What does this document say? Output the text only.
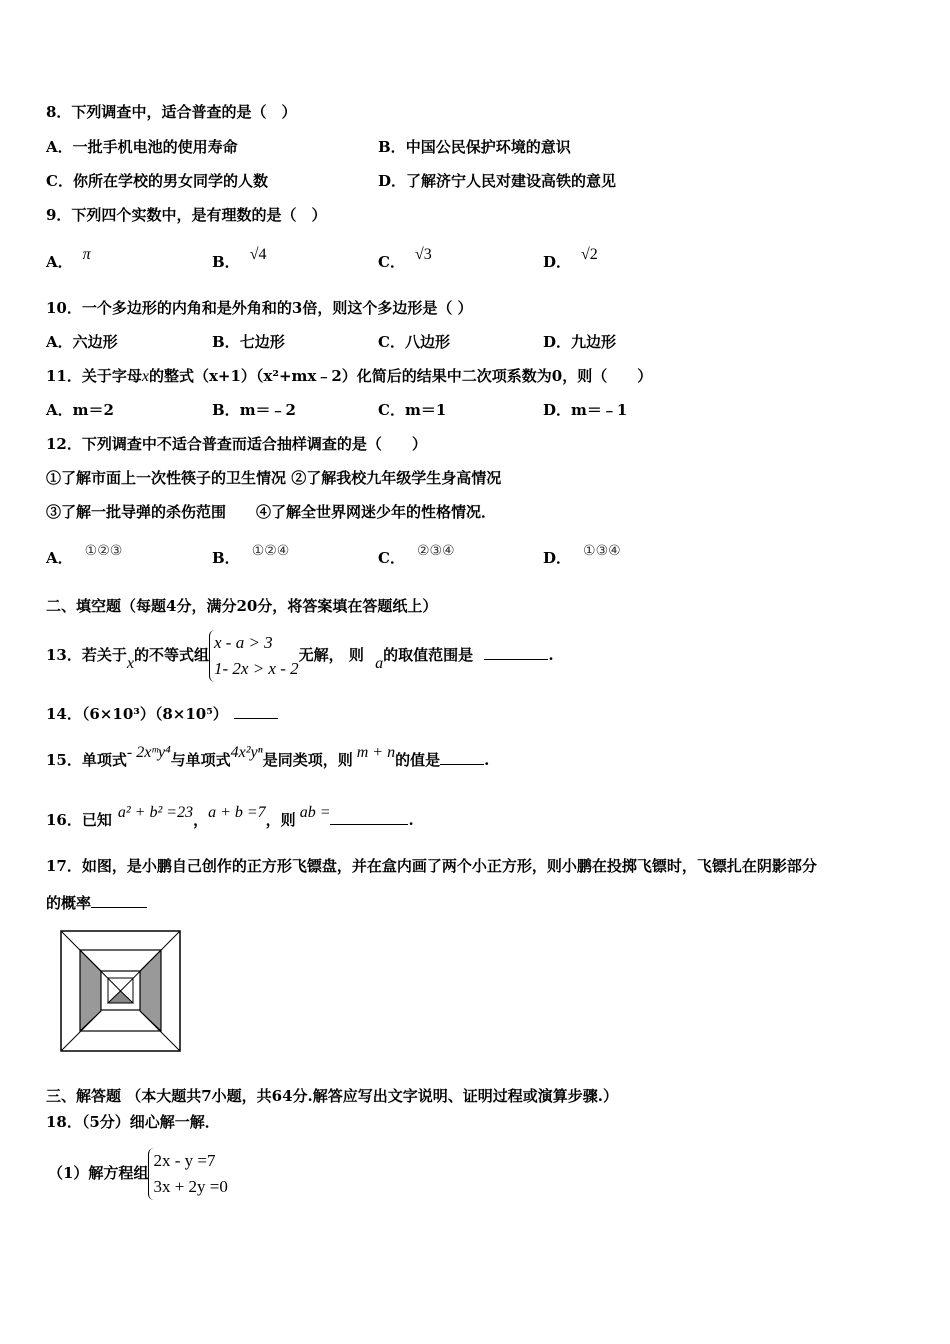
8．下列调查中，适合普查的是（　）
A．一批手机电池的使用寿命	B．中国公民保护环境的意识
C．你所在学校的男女同学的人数	D．了解济宁人民对建设高铁的意见
9．下列四个实数中，是有理数的是（　）
A． π	B． √4	C． √3	D． √2
10．一个多边形的内角和是外角和的3倍，则这个多边形是（ ）
A．六边形	B．七边形	C．八边形	D．九边形
11．关于字母x的整式（x+1）（x²+mx﹣2）化简后的结果中二次项系数为0，则（　　）
A．m＝2	B．m＝﹣2	C．m＝1	D．m＝﹣1
12．下列调查中不适合普查而适合抽样调查的是（　　）
①了解市面上一次性筷子的卫生情况 ②了解我校九年级学生身高情况
③了解一批导弹的杀伤范围　　④了解全世界网迷少年的性格情况．
A． ①②③	B． ①②④	C． ②③④	D． ①③④
二、填空题（每题4分，满分20分，将答案填在答题纸上）
13．若关于x的不等式组
x - a > 3
1- 2x > x - 2
无解， 则 a的取值范围是	.
14．（6×10³）（8×10⁵）
15．单项式- 2xᵐy⁴与单项式4x²yⁿ是同类项，则 m + n的值是	.
16．已知 a² + b² =23，a + b =7，则 ab =	.
17．如图，是小鹏自己创作的正方形飞镖盘，并在盒内画了两个小正方形，则小鹏在投掷飞镖时，飞镖扎在阴影部分
的概率
三、解答题 （本大题共7小题，共64分.解答应写出文字说明、证明过程或演算步骤.）
18．（5分）细心解一解．
（1）解方程组
2x - y =7
3x + 2y =0
